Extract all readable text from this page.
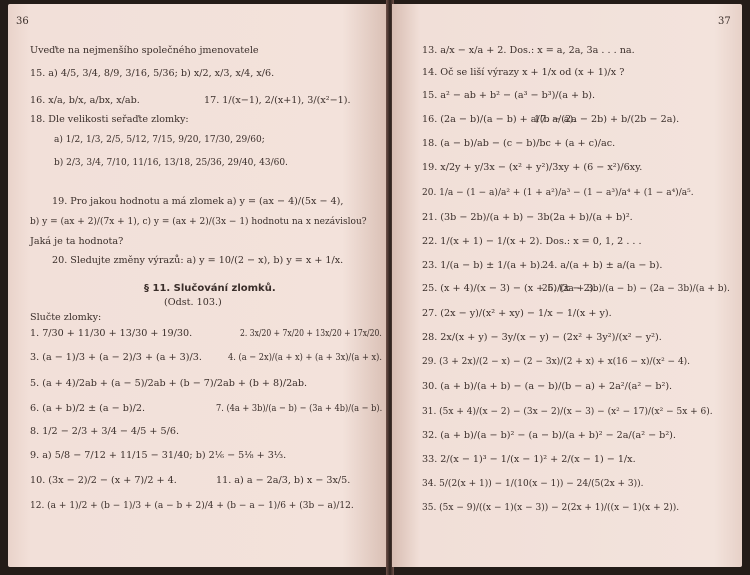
36
Uveďte na nejmenšího společného jmenovatele
15. a) 4/5, 3/4, 8/9, 3/16, 5/36; b) x/2, x/3, x/4, x/6.
16. x/a, b/x, a/bx, x/ab.	17. 1/(x−1), 2/(x+1), 3/(x²−1).
18. Dle velikosti seřaďte zlomky:
a) 1/2, 1/3, 2/5, 5/12, 7/15, 9/20, 17/30, 29/60;
b) 2/3, 3/4, 7/10, 11/16, 13/18, 25/36, 29/40, 43/60.
19. Pro jakou hodnotu a má zlomek a) y = (ax − 4)/(5x − 4),
b) y = (ax + 2)/(7x + 1), c) y = (ax + 2)/(3x − 1) hodnotu na x nezávislou?
Jaká je ta hodnota?
20. Sledujte změny výrazů: a) y = 10/(2 − x), b) y = x + 1/x.
§ 11. Slučování zlomků.
(Odst. 103.)
Slučte zlomky:
1. 7/30 + 11/30 + 13/30 + 19/30.	2. 3x/20 + 7x/20 + 13x/20 + 17x/20.
3. (a − 1)/3 + (a − 2)/3 + (a + 3)/3.	4. (a − 2x)/(a + x) + (a + 3x)/(a + x).
5. (a + 4)/2ab + (a − 5)/2ab + (b − 7)/2ab + (b + 8)/2ab.
6. (a + b)/2 ± (a − b)/2.	7. (4a + 3b)/(a − b) − (3a + 4b)/(a − b).
8. 1/2 − 2/3 + 3/4 − 4/5 + 5/6.
9. a) 5/8 − 7/12 + 11/15 − 31/40; b) 2⅙ − 5⅛ + 3⅓.
10. (3x − 2)/2 − (x + 7)/2 + 4.	11. a) a − 2a/3, b) x − 3x/5.
12. (a + 1)/2 + (b − 1)/3 + (a − b + 2)/4 + (b − a − 1)/6 + (3b − a)/12.
37
13. a/x − x/a + 2. Dos.: x = a, 2a, 3a . . . na.
14. Oč se liší výrazy x + 1/x od (x + 1)/x ?
15. a² − ab + b² − (a³ − b³)/(a + b).
16. (2a − b)/(a − b) + a/(b − a).
17. a/(2a − 2b) + b/(2b − 2a).
18. (a − b)/ab − (c − b)/bc + (a + c)/ac.
19. x/2y + y/3x − (x² + y²)/3xy + (6 − x²)/6xy.
20. 1/a − (1 − a)/a² + (1 + a²)/a³ − (1 − a³)/a⁴ + (1 − a⁴)/a⁵.
21. (3b − 2b)/(a + b) − 3b(2a + b)/(a + b)².
22. 1/(x + 1) − 1/(x + 2). Dos.: x = 0, 1, 2 . . .
23. 1/(a − b) ± 1/(a + b).
24. a/(a + b) ± a/(a − b).
25. (x + 4)/(x − 3) − (x + 5)/(x − 2).
26. (2a + 3b)/(a − b) − (2a − 3b)/(a + b).
27. (2x − y)/(x² + xy) − 1/x − 1/(x + y).
28. 2x/(x + y) − 3y/(x − y) − (2x² + 3y²)/(x² − y²).
29. (3 + 2x)/(2 − x) − (2 − 3x)/(2 + x) + x(16 − x)/(x² − 4).
30. (a + b)/(a + b) − (a − b)/(b − a) + 2a²/(a² − b²).
31. (5x + 4)/(x − 2) − (3x − 2)/(x − 3) − (x² − 17)/(x² − 5x + 6).
32. (a + b)/(a − b)² − (a − b)/(a + b)² − 2a/(a² − b²).
33. 2/(x − 1)³ − 1/(x − 1)² + 2/(x − 1) − 1/x.
34. 5/(2(x + 1)) − 1/(10(x − 1)) − 24/(5(2x + 3)).
35. (5x − 9)/((x − 1)(x − 3)) − 2(2x + 1)/((x − 1)(x + 2)).
